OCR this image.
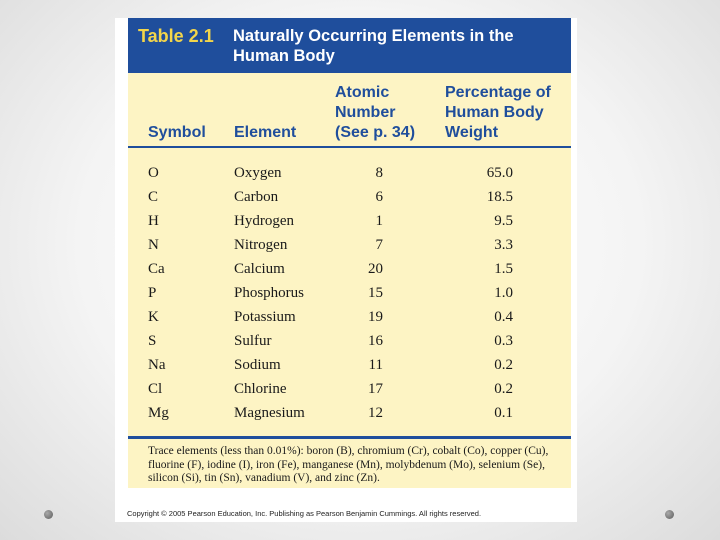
Table 2.1 Naturally Occurring Elements in the Human Body
Symbol Element
Atomic Number (See p. 34)
Percentage of Human Body Weight
O	Oxygen	8	65.0
C	Carbon	6	18.5
H	Hydrogen	1	9.5
N	Nitrogen	7	3.3
Ca	Calcium	20	1.5
P	Phosphorus	15	1.0
K	Potassium	19	0.4
S	Sulfur	16	0.3
Na	Sodium	11	0.2
Cl	Chlorine	17	0.2
Mg	Magnesium	12	0.1
Trace elements (less than 0.01%): boron (B), chromium (Cr), cobalt (Co), copper (Cu), fluorine (F), iodine (I), iron (Fe), manganese (Mn), molybdenum (Mo), selenium (Se), silicon (Si), tin (Sn), vanadium (V), and zinc (Zn).
Copyright © 2005 Pearson Education, Inc. Publishing as Pearson Benjamin Cummings. All rights reserved.
